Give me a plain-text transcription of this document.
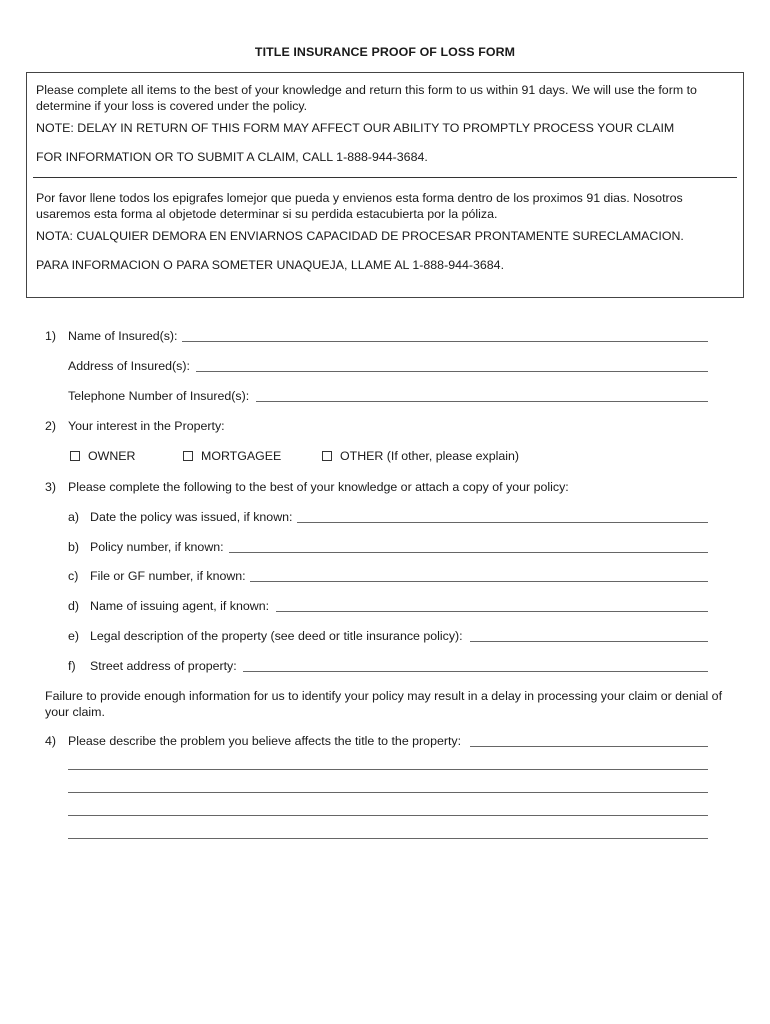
TITLE INSURANCE PROOF OF LOSS FORM

Please complete all items to the best of your knowledge and return this form to us within 91 days. We will use the form to determine if your loss is covered under the policy.

NOTE: DELAY IN RETURN OF THIS FORM MAY AFFECT OUR ABILITY TO PROMPTLY PROCESS YOUR CLAIM

FOR INFORMATION OR TO SUBMIT A CLAIM, CALL 1-888-944-3684.

Por favor llene todos los epigrafes lomejor que pueda y envienos esta forma dentro de los proximos 91 dias. Nosotros usaremos esta forma al objetode determinar si su perdida estacubierta por la póliza.

NOTA: CUALQUIER DEMORA EN ENVIARNOS CAPACIDAD DE PROCESAR PRONTAMENTE SURECLAMACION.

PARA INFORMACION O PARA SOMETER UNAQUEJA, LLAME AL 1-888-944-3684.

1) Name of Insured(s):
Address of Insured(s):
Telephone Number of Insured(s):
2) Your interest in the Property:
OWNER	MORTGAGEE	OTHER (If other, please explain)
3) Please complete the following to the best of your knowledge or attach a copy of your policy:
a) Date the policy was issued, if known:
b) Policy number, if known:
c) File or GF number, if known:
d) Name of issuing agent, if known:
e) Legal description of the property (see deed or title insurance policy):
f) Street address of property:
Failure to provide enough information for us to identify your policy may result in a delay in processing your claim or denial of your claim.
4) Please describe the problem you believe affects the title to the property:
